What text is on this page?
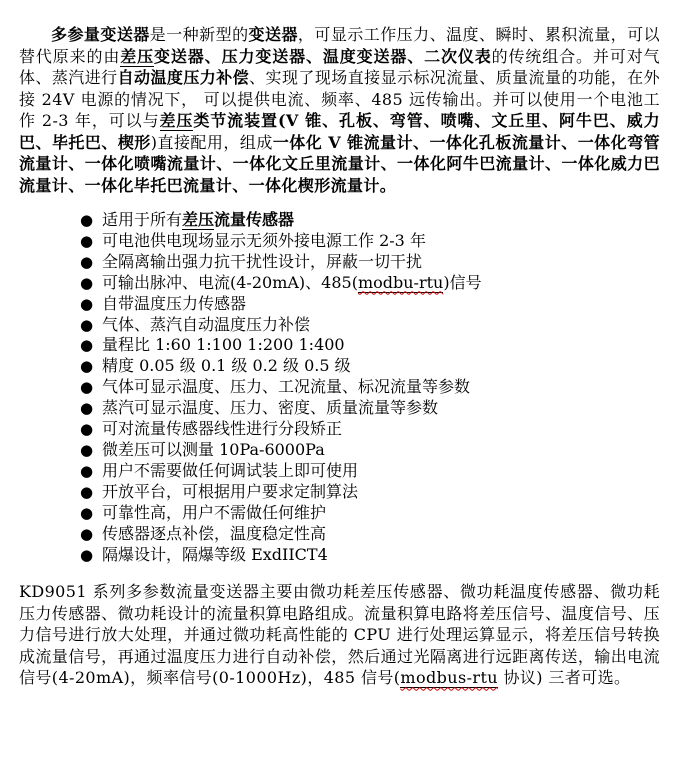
多参量变送器是一种新型的变送器，可显示工作压力、温度、瞬时、累积流量，可以替代原来的由差压变送器、压力变送器、温度变送器、二次仪表的传统组合。并可对气体、蒸汽进行自动温度压力补偿、实现了现场直接显示标况流量、质量流量的功能，在外接 24V 电源的情况下， 可以提供电流、频率、485 远传输出。并可以使用一个电池工作 2-3 年，可以与差压类节流装置(V 锥、孔板、弯管、喷嘴、文丘里、阿牛巴、威力巴、毕托巴、楔形)直接配用，组成一体化 V 锥流量计、一体化孔板流量计、一体化弯管流量计、一体化喷嘴流量计、一体化文丘里流量计、一体化阿牛巴流量计、一体化威力巴流量计、一体化毕托巴流量计、一体化楔形流量计。

● 适用于所有差压流量传感器
● 可电池供电现场显示无须外接电源工作 2-3 年
● 全隔离输出强力抗干扰性设计，屏蔽一切干扰
● 可输出脉冲、电流(4-20mA)、485(modbu-rtu)信号
● 自带温度压力传感器
● 气体、蒸汽自动温度压力补偿
● 量程比 1:60 1:100 1:200 1:400
● 精度 0.05 级 0.1 级 0.2 级 0.5 级
● 气体可显示温度、压力、工况流量、标况流量等参数
● 蒸汽可显示温度、压力、密度、质量流量等参数
● 可对流量传感器线性进行分段矫正
● 微差压可以测量 10Pa-6000Pa
● 用户不需要做任何调试装上即可使用
● 开放平台，可根据用户要求定制算法
● 可靠性高，用户不需做任何维护
● 传感器逐点补偿，温度稳定性高
● 隔爆设计，隔爆等级 ExdIICT4

KD9051 系列多参数流量变送器主要由微功耗差压传感器、微功耗温度传感器、微功耗压力传感器、微功耗设计的流量积算电路组成。流量积算电路将差压信号、温度信号、压力信号进行放大处理，并通过微功耗高性能的 CPU 进行处理运算显示，将差压信号转换成流量信号，再通过温度压力进行自动补偿，然后通过光隔离进行远距离传送，输出电流信号(4-20mA)，频率信号(0-1000Hz)，485 信号(modbus-rtu 协议) 三者可选。
